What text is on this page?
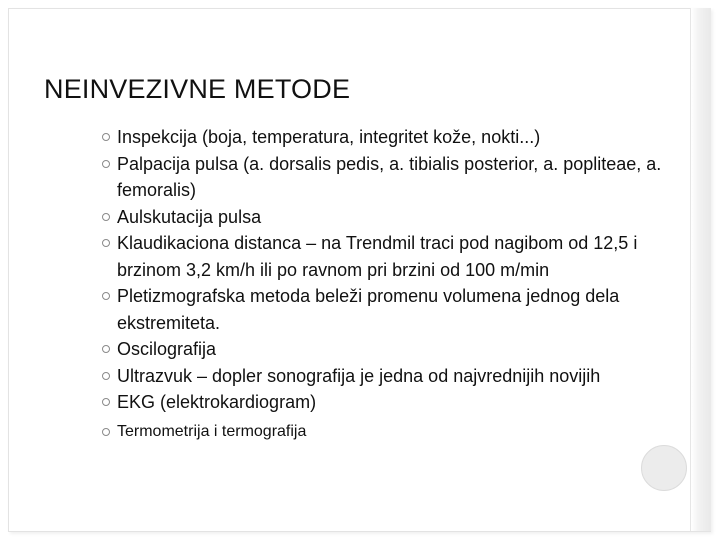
NEINVEZIVNE METODE
Inspekcija (boja, temperatura, integritet kože, nokti...)
Palpacija pulsa (a. dorsalis pedis, a. tibialis posterior, a. popliteae, a. femoralis)
Aulskutacija pulsa
Klaudikaciona distanca – na Trendmil traci pod nagibom od 12,5 i brzinom 3,2 km/h ili po ravnom pri brzini od 100 m/min
Pletizmografska metoda beleži promenu volumena jednog dela ekstremiteta.
Oscilografija
Ultrazvuk – dopler sonografija je jedna od najvrednijih novijih
EKG (elektrokardiogram)
Termometrija i termografija
